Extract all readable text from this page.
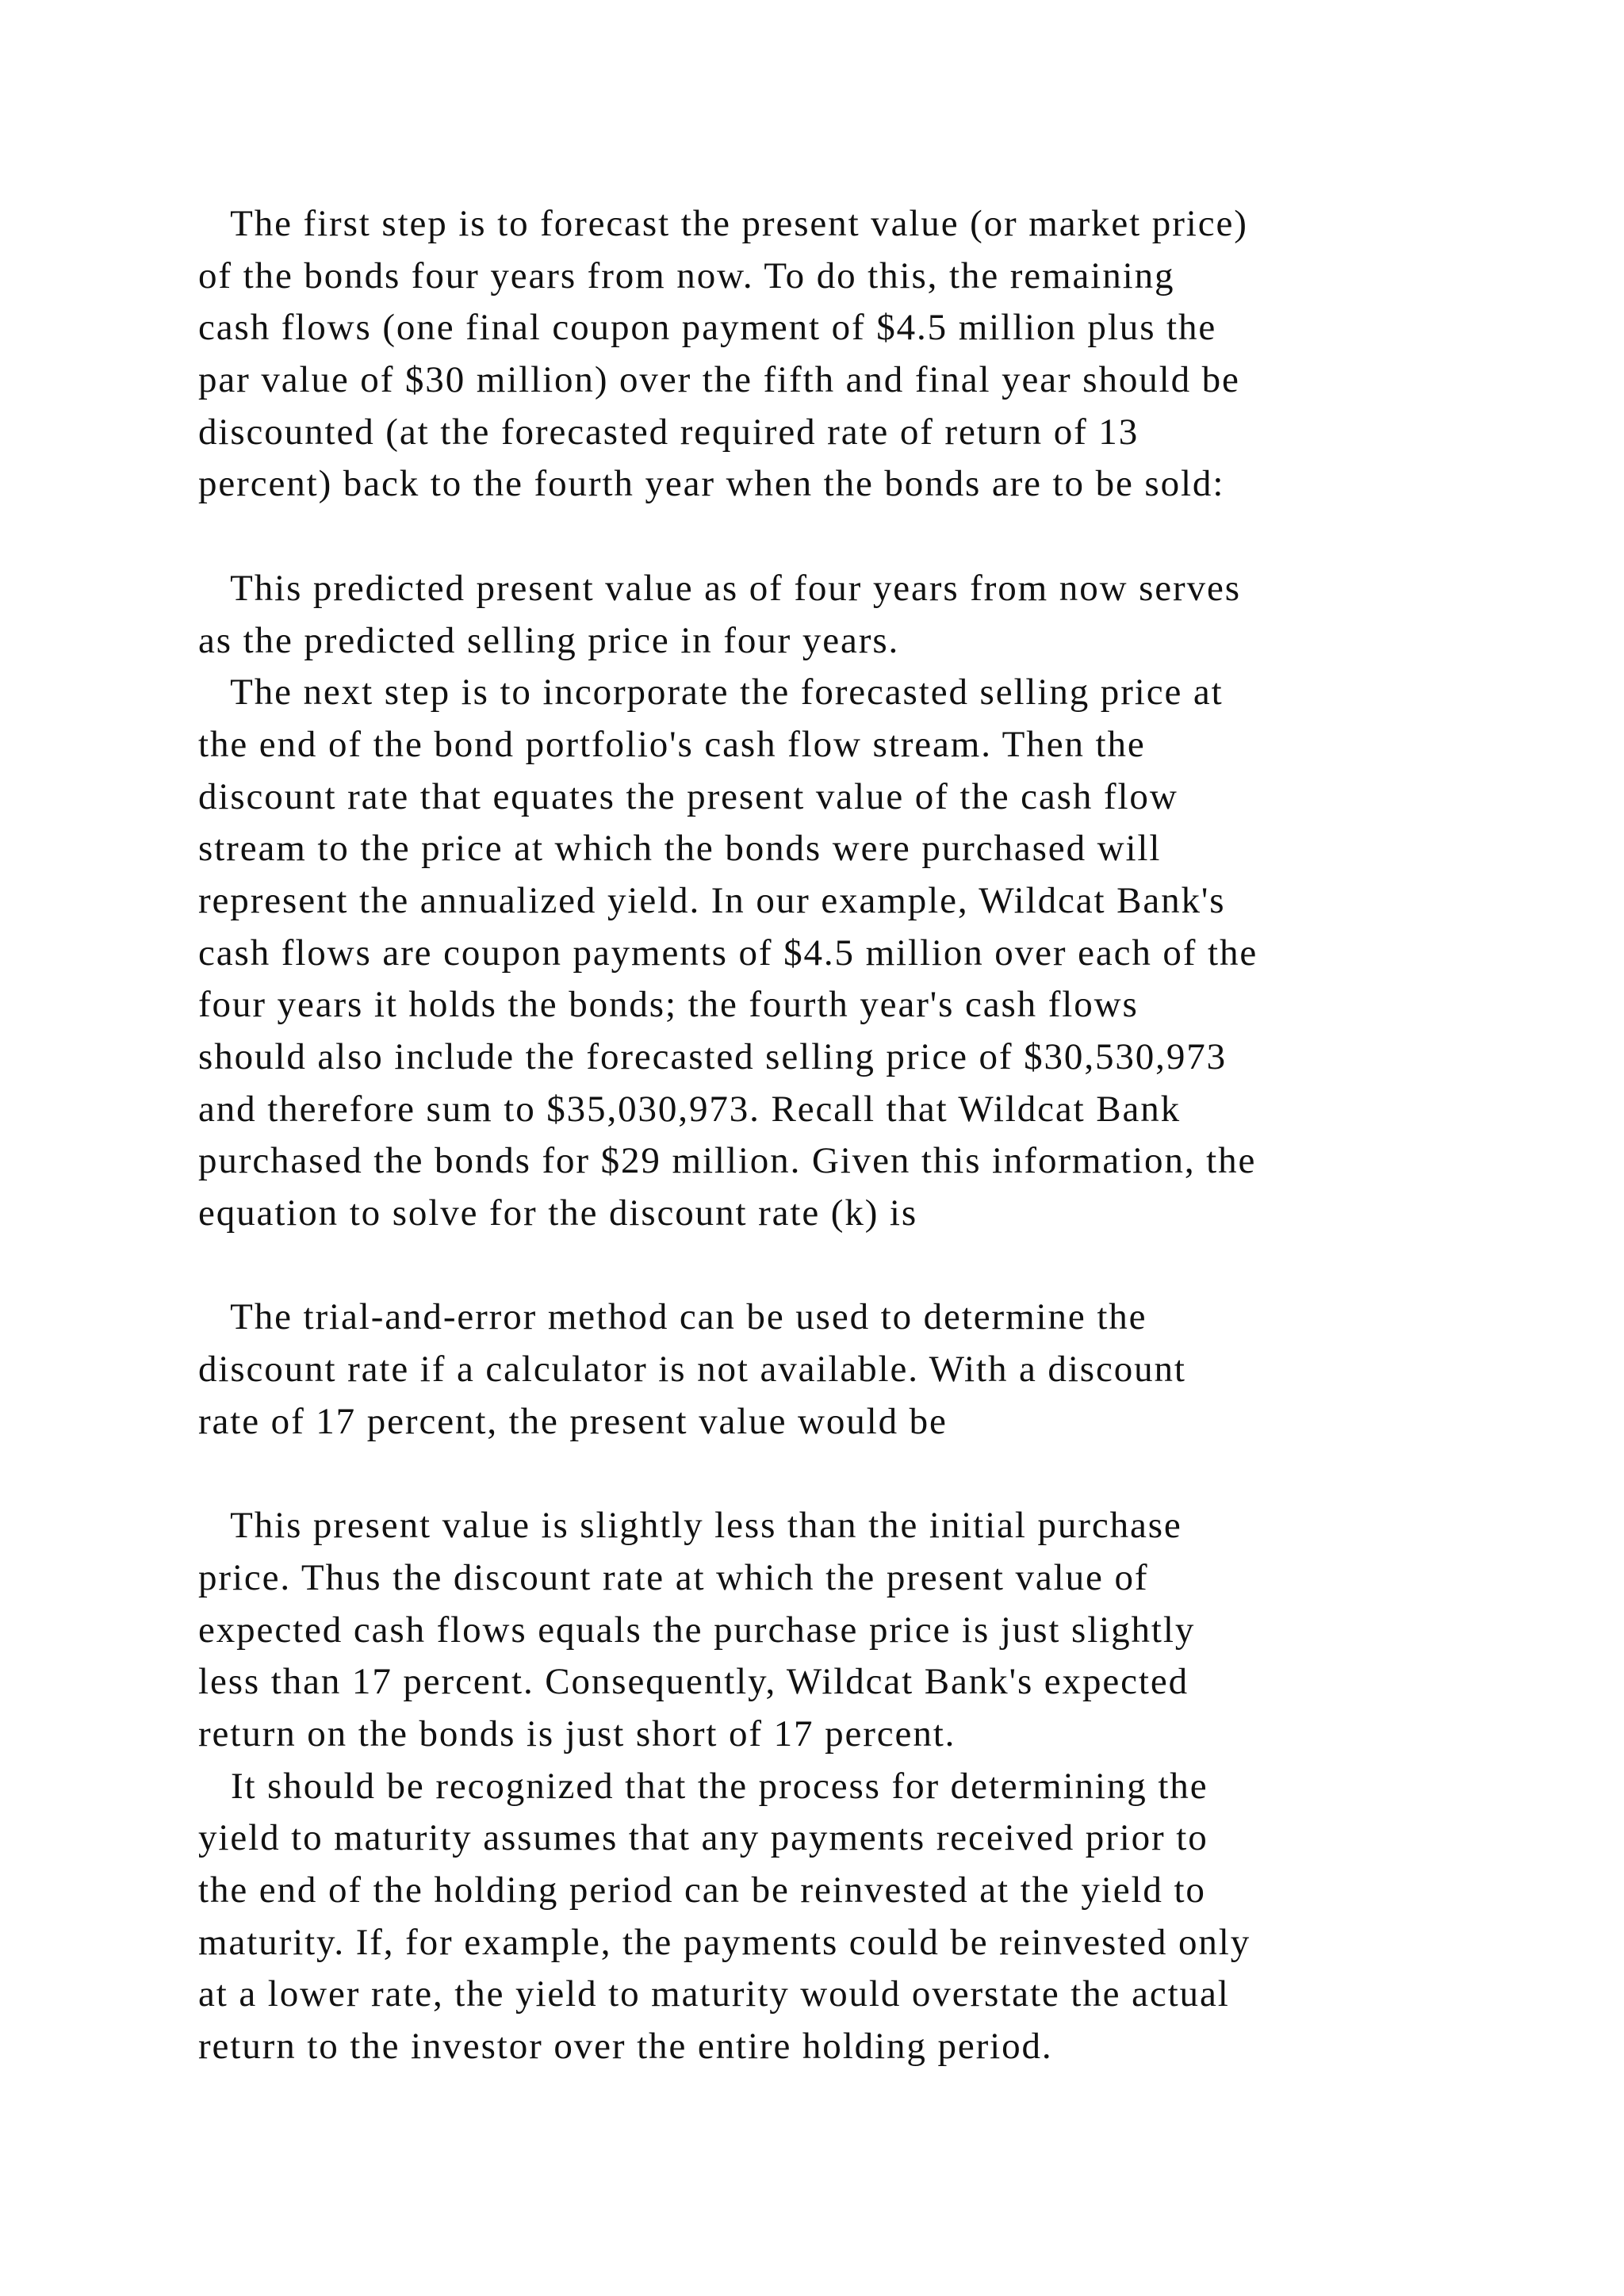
The first step is to forecast the present value (or market price)
of the bonds four years from now. To do this, the remaining
cash flows (one final coupon payment of $4.5 million plus the
par value of $30 million) over the fifth and final year should be
discounted (at the forecasted required rate of return of 13
percent) back to the fourth year when the bonds are to be sold:
This predicted present value as of four years from now serves
as the predicted selling price in four years.
The next step is to incorporate the forecasted selling price at
the end of the bond portfolio's cash flow stream. Then the
discount rate that equates the present value of the cash flow
stream to the price at which the bonds were purchased will
represent the annualized yield. In our example, Wildcat Bank's
cash flows are coupon payments of $4.5 million over each of the
four years it holds the bonds; the fourth year's cash flows
should also include the forecasted selling price of $30,530,973
and therefore sum to $35,030,973. Recall that Wildcat Bank
purchased the bonds for $29 million. Given this information, the
equation to solve for the discount rate (k) is
The trial-and-error method can be used to determine the
discount rate if a calculator is not available. With a discount
rate of 17 percent, the present value would be
This present value is slightly less than the initial purchase
price. Thus the discount rate at which the present value of
expected cash flows equals the purchase price is just slightly
less than 17 percent. Consequently, Wildcat Bank's expected
return on the bonds is just short of 17 percent.
It should be recognized that the process for determining the
yield to maturity assumes that any payments received prior to
the end of the holding period can be reinvested at the yield to
maturity. If, for example, the payments could be reinvested only
at a lower rate, the yield to maturity would overstate the actual
return to the investor over the entire holding period.
